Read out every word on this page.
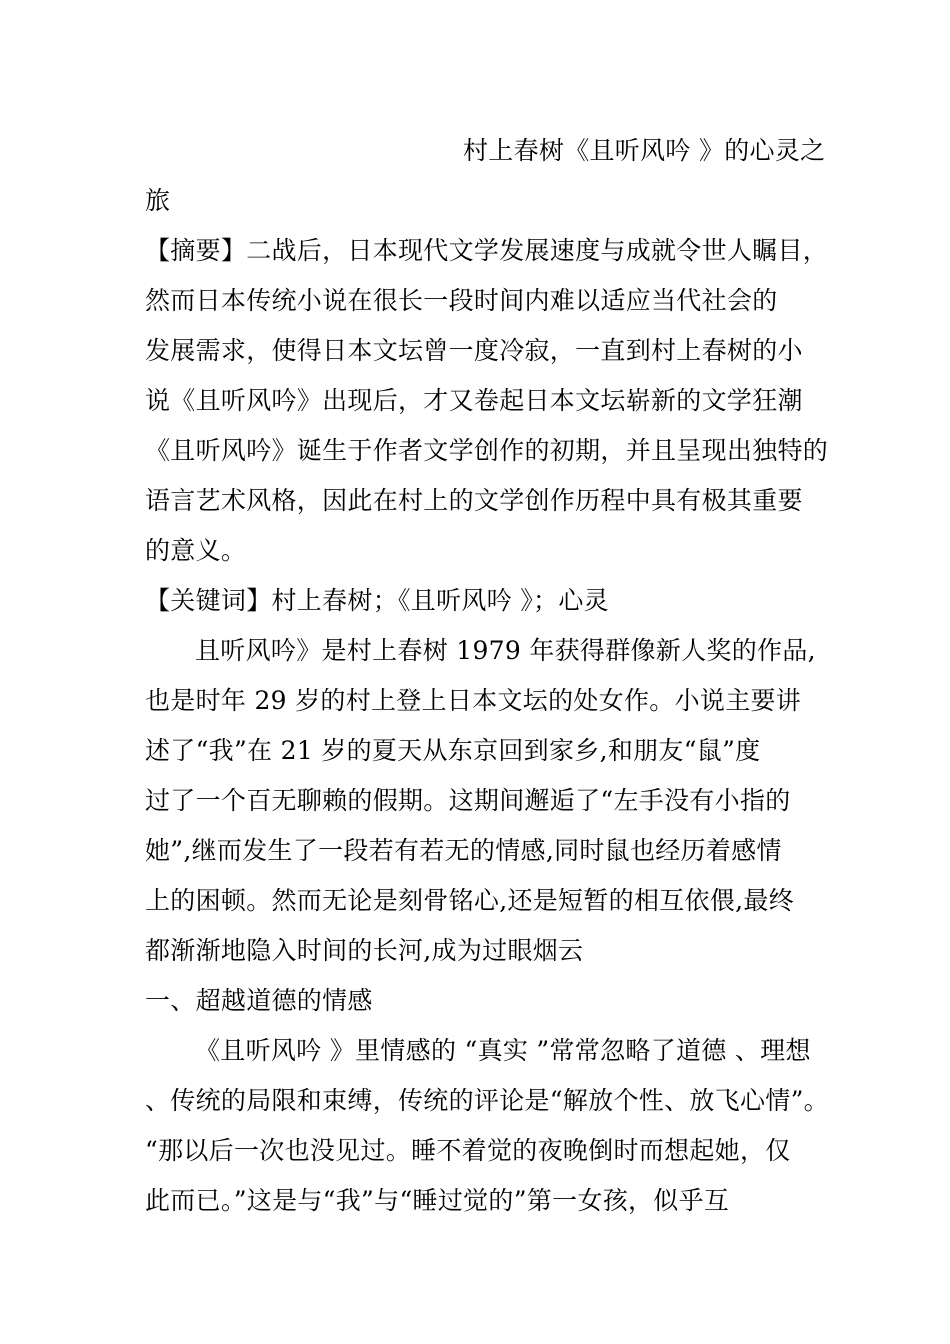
村上春树《且听风吟 》的心灵之
旅
【摘要】二战后，日本现代文学发展速度与成就令世人瞩目，
然而日本传统小说在很长一段时间内难以适应当代社会的
发展需求，使得日本文坛曾一度冷寂，一直到村上春树的小
说《且听风吟》出现后，才又卷起日本文坛崭新的文学狂潮
《且听风吟》诞生于作者文学创作的初期，并且呈现出独特的
语言艺术风格，因此在村上的文学创作历程中具有极其重要
的意义。
【关键词】村上春树；《且听风吟 》；心灵
且听风吟》是村上春树 1979 年获得群像新人奖的作品,
也是时年 29 岁的村上登上日本文坛的处女作。小说主要讲
述了“我”在 21 岁的夏天从东京回到家乡,和朋友“鼠”度
过了一个百无聊赖的假期。这期间邂逅了“左手没有小指的
她”,继而发生了一段若有若无的情感,同时鼠也经历着感情
上的困顿。然而无论是刻骨铭心,还是短暂的相互依偎,最终
都渐渐地隐入时间的长河,成为过眼烟云
一、超越道德的情感
《且听风吟 》里情感的 “真实 ”常常忽略了道德 、理想
、传统的局限和束缚，传统的评论是“解放个性、放飞心情”。
“那以后一次也没见过。睡不着觉的夜晚倒时而想起她，仅
此而已。”这是与“我”与“睡过觉的”第一女孩，似乎互
